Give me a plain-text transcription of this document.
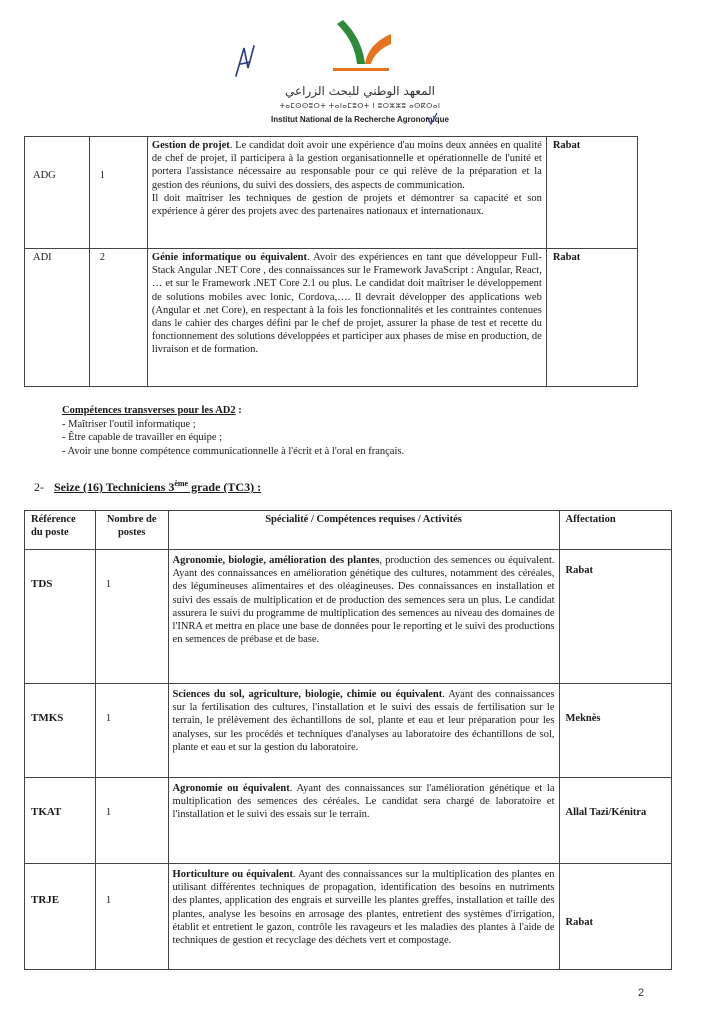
المعهد الوطني للبحث الزراعي
ⵜⴰⵎⵙⵙⵓⵔⵜ ⵜⴰⵏⴰⵎⵓⵔⵜ ⵏ ⵓⵔⵣⵣⵓ ⴰⵙⴽⵔⴰⵏ
Institut National de la Recherche Agronomique
ADG	1	Gestion de projet. Le candidat doit avoir une expérience d'au moins deux années en qualité de chef de projet, il participera à la gestion organisationnelle et opérationnelle de l'unité et portera l'assistance nécessaire au responsable pour ce qui relève de la préparation et la gestion des réunions, du suivi des dossiers, des aspects de communication.
Il doit maîtriser les techniques de gestion de projets et démontrer sa capacité et son expérience à gérer des projets avec des partenaires nationaux et internationaux.	Rabat
ADI	2	Génie informatique ou équivalent. Avoir des expériences en tant que développeur Full-Stack Angular .NET Core , des connaissances sur le Framework JavaScript : Angular, React, … et sur le Framework .NET Core 2.1 ou plus. Le candidat doit maîtriser le développement de solutions mobiles avec lonic, Cordova,…. Il devrait développer des applications web (Angular et .net Core), en respectant à la fois les fonctionnalités et les contraintes contenues dans le cahier des charges défini par le chef de projet, assurer la phase de test et recette du fonctionnement des solutions développées et participer aux phases de mise en production, de livraison et de formation.	Rabat
Compétences transverses pour les AD2 :
- Maîtriser l'outil informatique ;
- Être capable de travailler en équipe ;
- Avoir une bonne compétence communicationnelle à l'écrit et à l'oral en français.
2- Seize (16) Techniciens 3ème grade (TC3) :
Référence du poste	Nombre de postes	Spécialité / Compétences requises / Activités	Affectation
TDS	1	Agronomie, biologie, amélioration des plantes, production des semences ou équivalent. Ayant des connaissances en amélioration génétique des cultures, notamment des céréales, des légumineuses alimentaires et des oléagineuses. Des connaissances en installation et suivi des essais de multiplication et de production des semences sera un plus. Le candidat assurera le suivi du programme de multiplication des semences au niveau des domaines de l'INRA et mettra en place une base de données pour le reporting et le suivi des productions en semences de prébase et de base.	Rabat
TMKS	1	Sciences du sol, agriculture, biologie, chimie ou équivalent. Ayant des connaissances sur la fertilisation des cultures, l'installation et le suivi des essais de fertilisation sur le terrain, le prélèvement des échantillons de sol, plante et eau et leur préparation pour les analyses, sur les procédés et techniques d'analyses au laboratoire des échantillons de sol, plante et eau et sur la gestion du laboratoire.	Meknès
TKAT	1	Agronomie ou équivalent. Ayant des connaissances sur l'amélioration génétique et la multiplication des semences des céréales. Le candidat sera chargé de laboratoire et l'installation et le suivi des essais sur le terrain.	Allal Tazi/Kénitra
TRJE	1	Horticulture ou équivalent. Ayant des connaissances sur la multiplication des plantes en utilisant différentes techniques de propagation, identification des besoins en nutriments des plantes, application des engrais et surveille les plantes greffes, installation et taille des plantes, analyse les besoins en arrosage des plantes, entretient des systèmes d'irrigation, établit et entretient le gazon, contrôle les ravageurs et les maladies des plantes à l'aide de techniques de gestion et recyclage des déchets vert et compostage.	Rabat
2
